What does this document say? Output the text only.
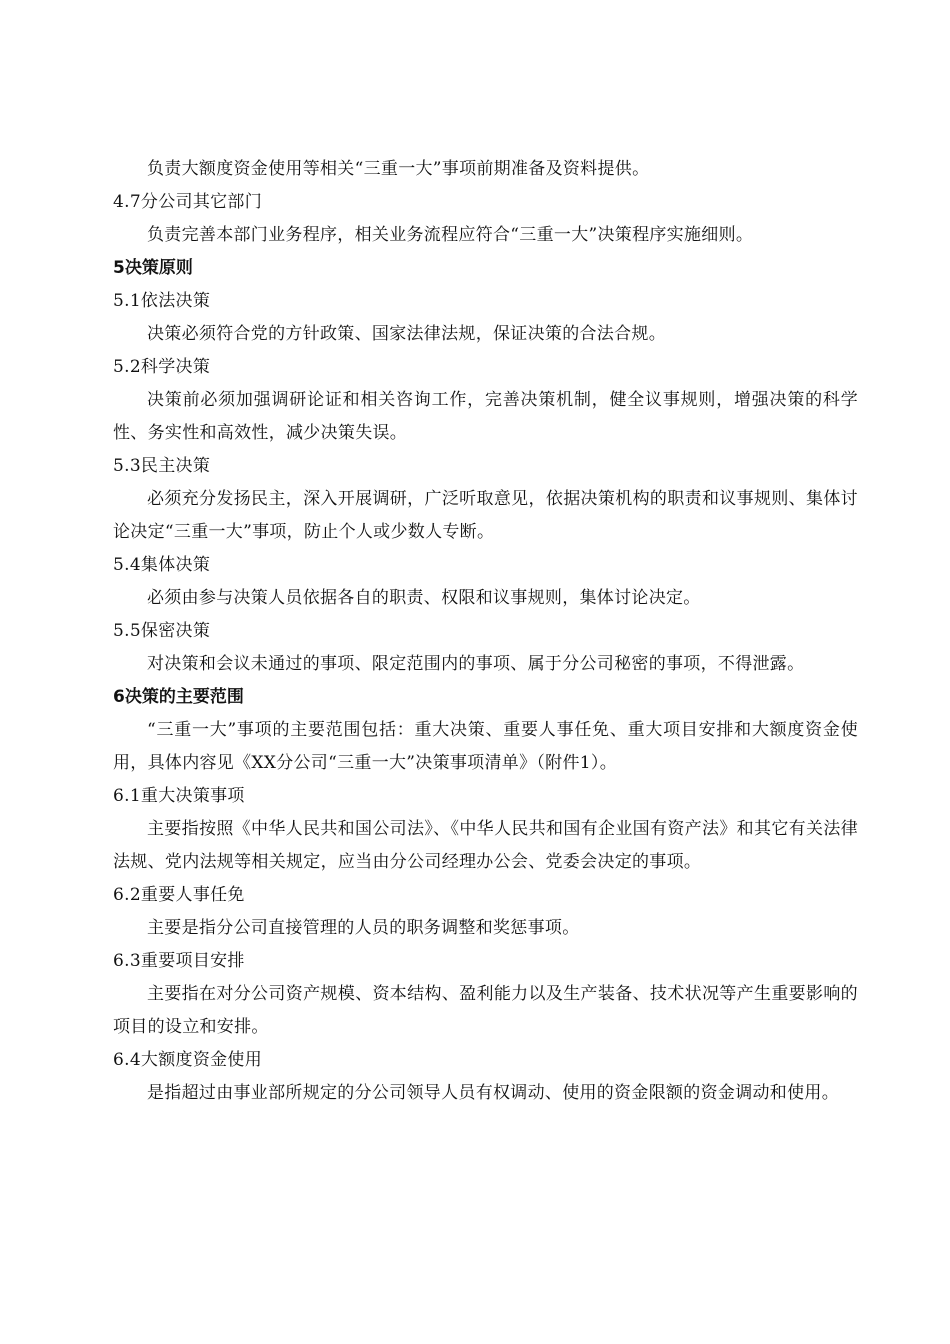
负责大额度资金使用等相关“三重一大”事项前期准备及资料提供。
4.7分公司其它部门
负责完善本部门业务程序，相关业务流程应符合“三重一大”决策程序实施细则。
5决策原则
5.1依法决策
决策必须符合党的方针政策、国家法律法规，保证决策的合法合规。
5.2科学决策
决策前必须加强调研论证和相关咨询工作，完善决策机制，健全议事规则，增强决策的科学性、务实性和高效性，减少决策失误。
5.3民主决策
必须充分发扬民主，深入开展调研，广泛听取意见，依据决策机构的职责和议事规则、集体讨论决定“三重一大”事项，防止个人或少数人专断。
5.4集体决策
必须由参与决策人员依据各自的职责、权限和议事规则，集体讨论决定。
5.5保密决策
对决策和会议未通过的事项、限定范围内的事项、属于分公司秘密的事项，不得泄露。
6决策的主要范围
“三重一大”事项的主要范围包括：重大决策、重要人事任免、重大项目安排和大额度资金使用，具体内容见《XX分公司“三重一大”决策事项清单》（附件1）。
6.1重大决策事项
主要指按照《中华人民共和国公司法》、《中华人民共和国有企业国有资产法》和其它有关法律法规、党内法规等相关规定，应当由分公司经理办公会、党委会决定的事项。
6.2重要人事任免
主要是指分公司直接管理的人员的职务调整和奖惩事项。
6.3重要项目安排
主要指在对分公司资产规模、资本结构、盈利能力以及生产装备、技术状况等产生重要影响的项目的设立和安排。
6.4大额度资金使用
是指超过由事业部所规定的分公司领导人员有权调动、使用的资金限额的资金调动和使用。
